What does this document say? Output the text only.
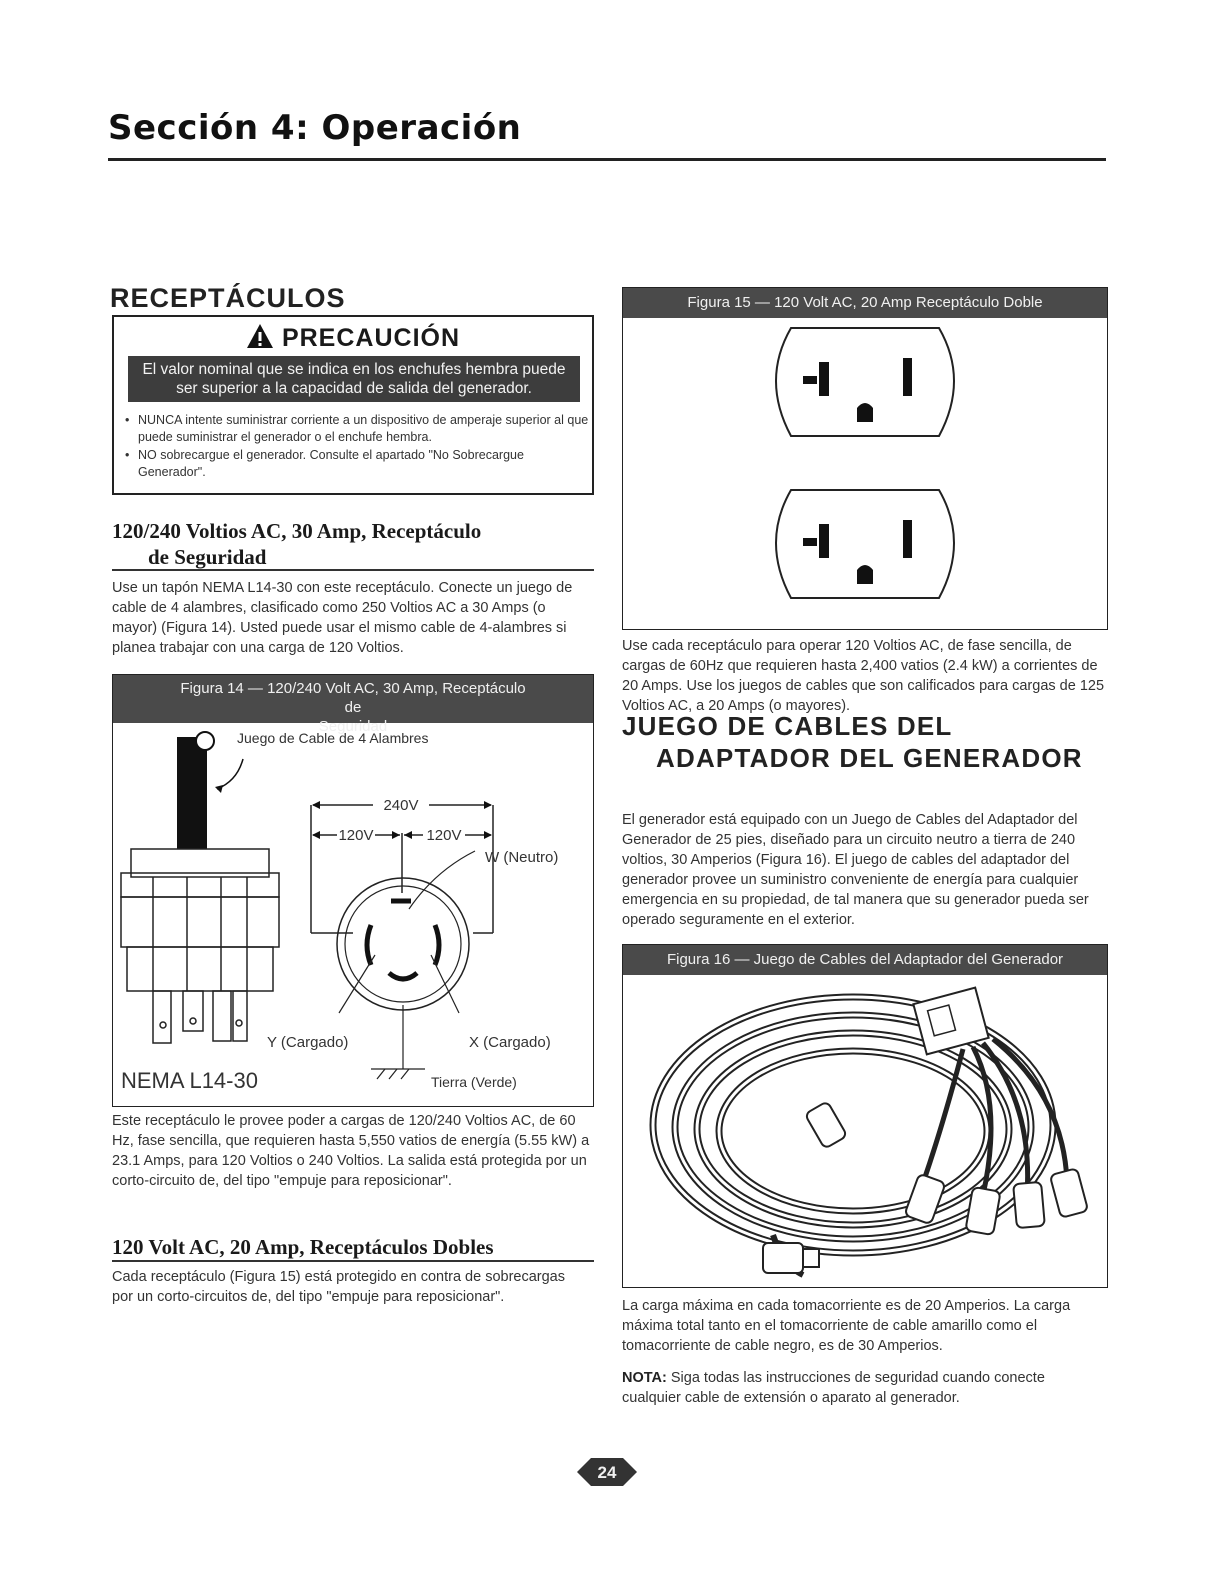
Sección 4: Operación
RECEPTÁCULOS
PRECAUCIÓN
El valor nominal que se indica en los enchufes hembra puede
ser superior a la capacidad de salida del generador.
• NUNCA intente suministrar corriente a un dispositivo de amperaje superior al que puede suministrar el generador o el enchufe hembra.
• NO sobrecargue el generador. Consulte el apartado "No Sobrecargue Generador".
120/240 Voltios AC, 30 Amp, Receptáculo
de Seguridad
Use un tapón NEMA L14-30 con este receptáculo. Conecte un juego de cable de 4 alambres, clasificado como 250 Voltios AC a 30 Amps (o mayor) (Figura 14). Usted puede usar el mismo cable de 4-alambres si planea trabajar con una carga de 120 Voltios.
Figura 14 — 120/240 Volt AC, 30 Amp, Receptáculo de
Seguridad
Juego de Cable de 4 Alambres
NEMA L14-30
240V
120V	120V
W (Neutro)
Y (Cargado)	X (Cargado)
Tierra (Verde)
Este receptáculo le provee poder a cargas de 120/240 Voltios AC, de 60 Hz, fase sencilla, que requieren hasta 5,550 vatios de energía (5.55 kW) a 23.1 Amps, para 120 Voltios o 240 Voltios. La salida está protegida por un corto-circuito de, del tipo "empuje para reposicionar".
120 Volt AC, 20 Amp, Receptáculos Dobles
Cada receptáculo (Figura 15) está protegido en contra de sobrecargas por un corto-circuitos de, del tipo "empuje para reposicionar".
Figura 15 — 120 Volt AC, 20 Amp Receptáculo Doble
Use cada receptáculo para operar 120 Voltios AC, de fase sencilla, de cargas de 60Hz que requieren hasta 2,400 vatios (2.4 kW) a corrientes de 20 Amps. Use los juegos de cables que son calificados para cargas de 125 Voltios AC, a 20 Amps (o mayores).
JUEGO DE CABLES DEL
ADAPTADOR DEL GENERADOR
El generador está equipado con un Juego de Cables del Adaptador del Generador de 25 pies, diseñado para un circuito neutro a tierra de 240 voltios, 30 Amperios (Figura 16). El juego de cables del adaptador del generador provee un suministro conveniente de energía para cualquier emergencia en su propiedad, de tal manera que su generador pueda ser operado seguramente en el exterior.
Figura 16 — Juego de Cables del Adaptador del Generador
La carga máxima en cada tomacorriente es de 20 Amperios. La carga máxima total tanto en el tomacorriente de cable amarillo como el tomacorriente de cable negro, es de 30 Amperios.
NOTA: Siga todas las instrucciones de seguridad cuando conecte cualquier cable de extensión o aparato al generador.
24
